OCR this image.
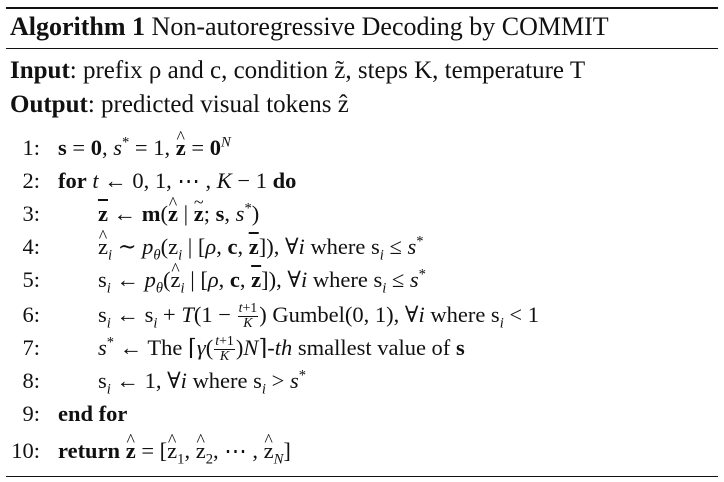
Algorithm 1 Non-autoregressive Decoding by COMMIT
Input: prefix ρ and c, condition z̃, steps K, temperature T
Output: predicted visual tokens ẑ
1: s = 0, s* = 1, z ^ = $0^N$
2: for t ← 0, 1, ⋯ , K − 1 do
3:	$\overline{z}$ ← m(z ^ | z ~; s, s*)
4:	z $\^{}_i$ ∼ $p_\theta(z_i$ | [ρ, c, $\overline{z}$]), ∀i where $s_i \le s^*$
5:	$s_i$ ← $p_\theta(z$ $\^{}_i$ | [ρ, c, $\overline{z}$]), ∀i where $s_i \le s^*$
6:	$s_i$ ← $s_i + T(1 - \frac{t+1}{K}$ ) Gumbel(0, 1), ∀i where $s_i < 1$
7:	s* ← The ⌈γ( $\frac{t+1}{K}$ )N⌉-th smallest value of s
8:	$s_i$ ← 1, ∀i where $s_i > s^*$
9: end for
10: return z ^ = [z $\^{}_1$, z $\^{}_2$, ⋯ , z $\^{}_N$]
